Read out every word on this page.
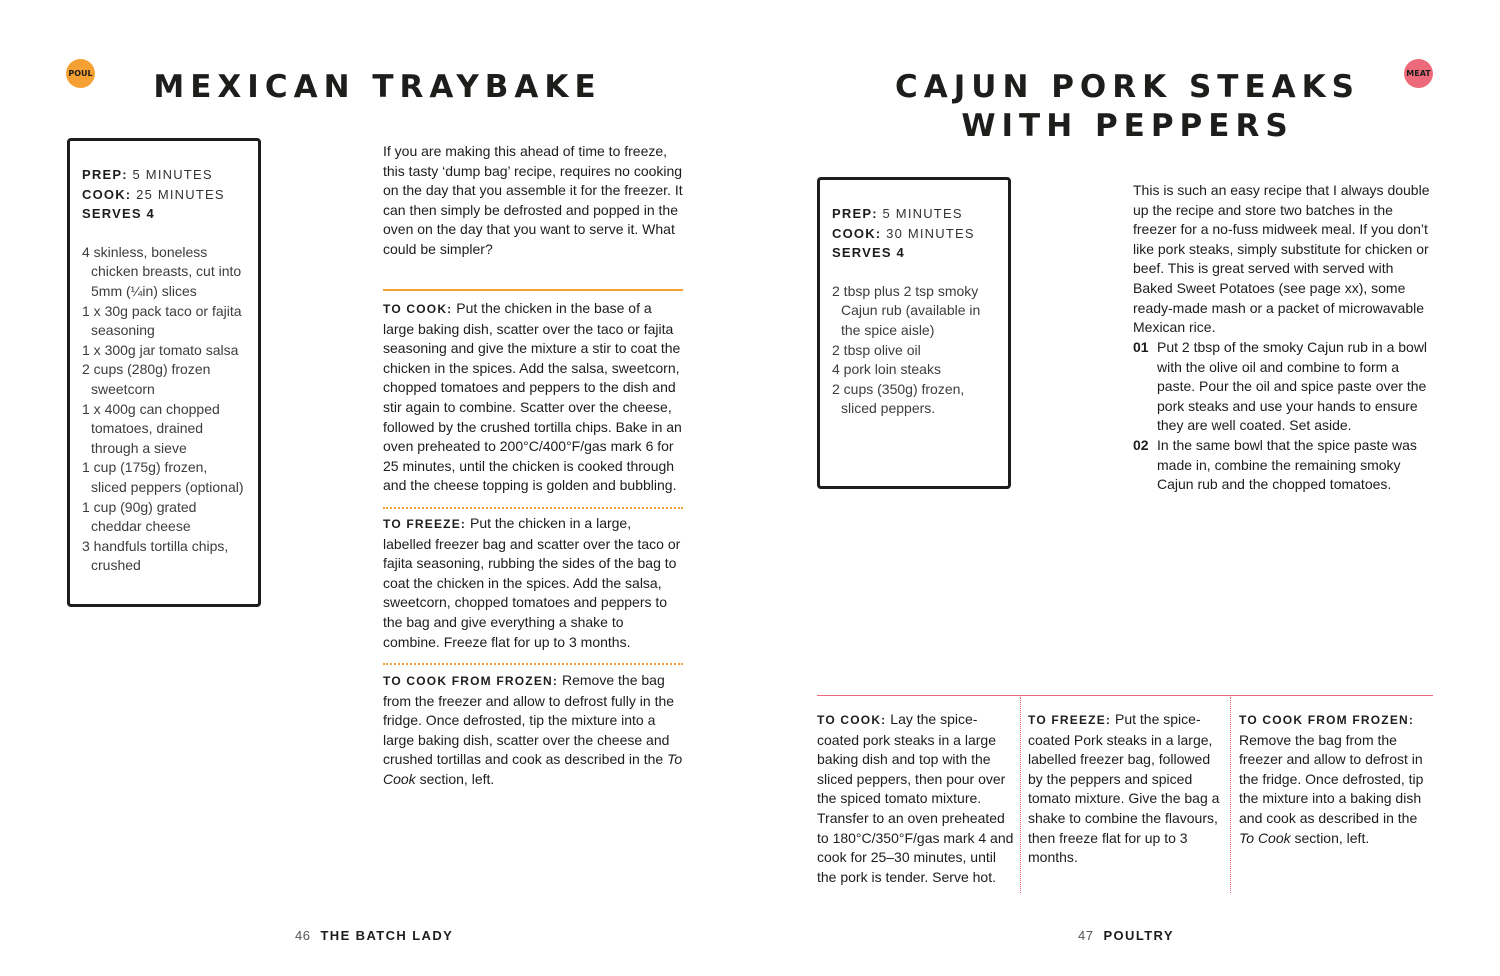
POUL MEXICAN TRAYBAKE
PREP: 5 MINUTES
COOK: 25 MINUTES
SERVES 4
4 skinless, boneless chicken breasts, cut into 5mm (¼in) slices
1 x 30g pack taco or fajita seasoning
1 x 300g jar tomato salsa
2 cups (280g) frozen sweetcorn
1 x 400g can chopped tomatoes, drained through a sieve
1 cup (175g) frozen, sliced peppers (optional)
1 cup (90g) grated cheddar cheese
3 handfuls tortilla chips, crushed

If you are making this ahead of time to freeze, this tasty ‘dump bag’ recipe, requires no cooking on the day that you assemble it for the freezer. It can then simply be defrosted and popped in the oven on the day that you want to serve it. What could be simpler?

TO COOK: Put the chicken in the base of a large baking dish, scatter over the taco or fajita seasoning and give the mixture a stir to coat the chicken in the spices. Add the salsa, sweetcorn, chopped tomatoes and peppers to the dish and stir again to combine. Scatter over the cheese, followed by the crushed tortilla chips. Bake in an oven preheated to 200°C/400°F/gas mark 6 for 25 minutes, until the chicken is cooked through and the cheese topping is golden and bubbling.
TO FREEZE: Put the chicken in a large, labelled freezer bag and scatter over the taco or fajita seasoning, rubbing the sides of the bag to coat the chicken in the spices. Add the salsa, sweetcorn, chopped tomatoes and peppers to the bag and give everything a shake to combine. Freeze flat for up to 3 months.
TO COOK FROM FROZEN: Remove the bag from the freezer and allow to defrost fully in the fridge. Once defrosted, tip the mixture into a large baking dish, scatter over the cheese and crushed tortillas and cook as described in the To Cook section, left.
46 THE BATCH LADY
MEAT
CAJUN PORK STEAKS
WITH PEPPERS
PREP: 5 MINUTES
COOK: 30 MINUTES
SERVES 4
2 tbsp plus 2 tsp smoky Cajun rub (available in the spice aisle)
2 tbsp olive oil
4 pork loin steaks
2 cups (350g) frozen, sliced peppers.

This is such an easy recipe that I always double up the recipe and store two batches in the freezer for a no-fuss midweek meal. If you don’t like pork steaks, simply substitute for chicken or beef. This is great served with served with Baked Sweet Potatoes (see page xx), some ready-made mash or a packet of microwavable Mexican rice.

01 Put 2 tbsp of the smoky Cajun rub in a bowl with the olive oil and combine to form a paste. Pour the oil and spice paste over the pork steaks and use your hands to ensure they are well coated. Set aside.
02 In the same bowl that the spice paste was made in, combine the remaining smoky Cajun rub and the chopped tomatoes.
TO COOK: Lay the spice-coated pork steaks in a large baking dish and top with the sliced peppers, then pour over the spiced tomato mixture. Transfer to an oven preheated to 180°C/350°F/gas mark 4 and cook for 25–30 minutes, until the pork is tender. Serve hot.
TO FREEZE: Put the spice-coated Pork steaks in a large, labelled freezer bag, followed by the peppers and spiced tomato mixture. Give the bag a shake to combine the flavours, then freeze flat for up to 3 months.
TO COOK FROM FROZEN: Remove the bag from the freezer and allow to defrost in the fridge. Once defrosted, tip the mixture into a baking dish and cook as described in the To Cook section, left.
47 POULTRY
